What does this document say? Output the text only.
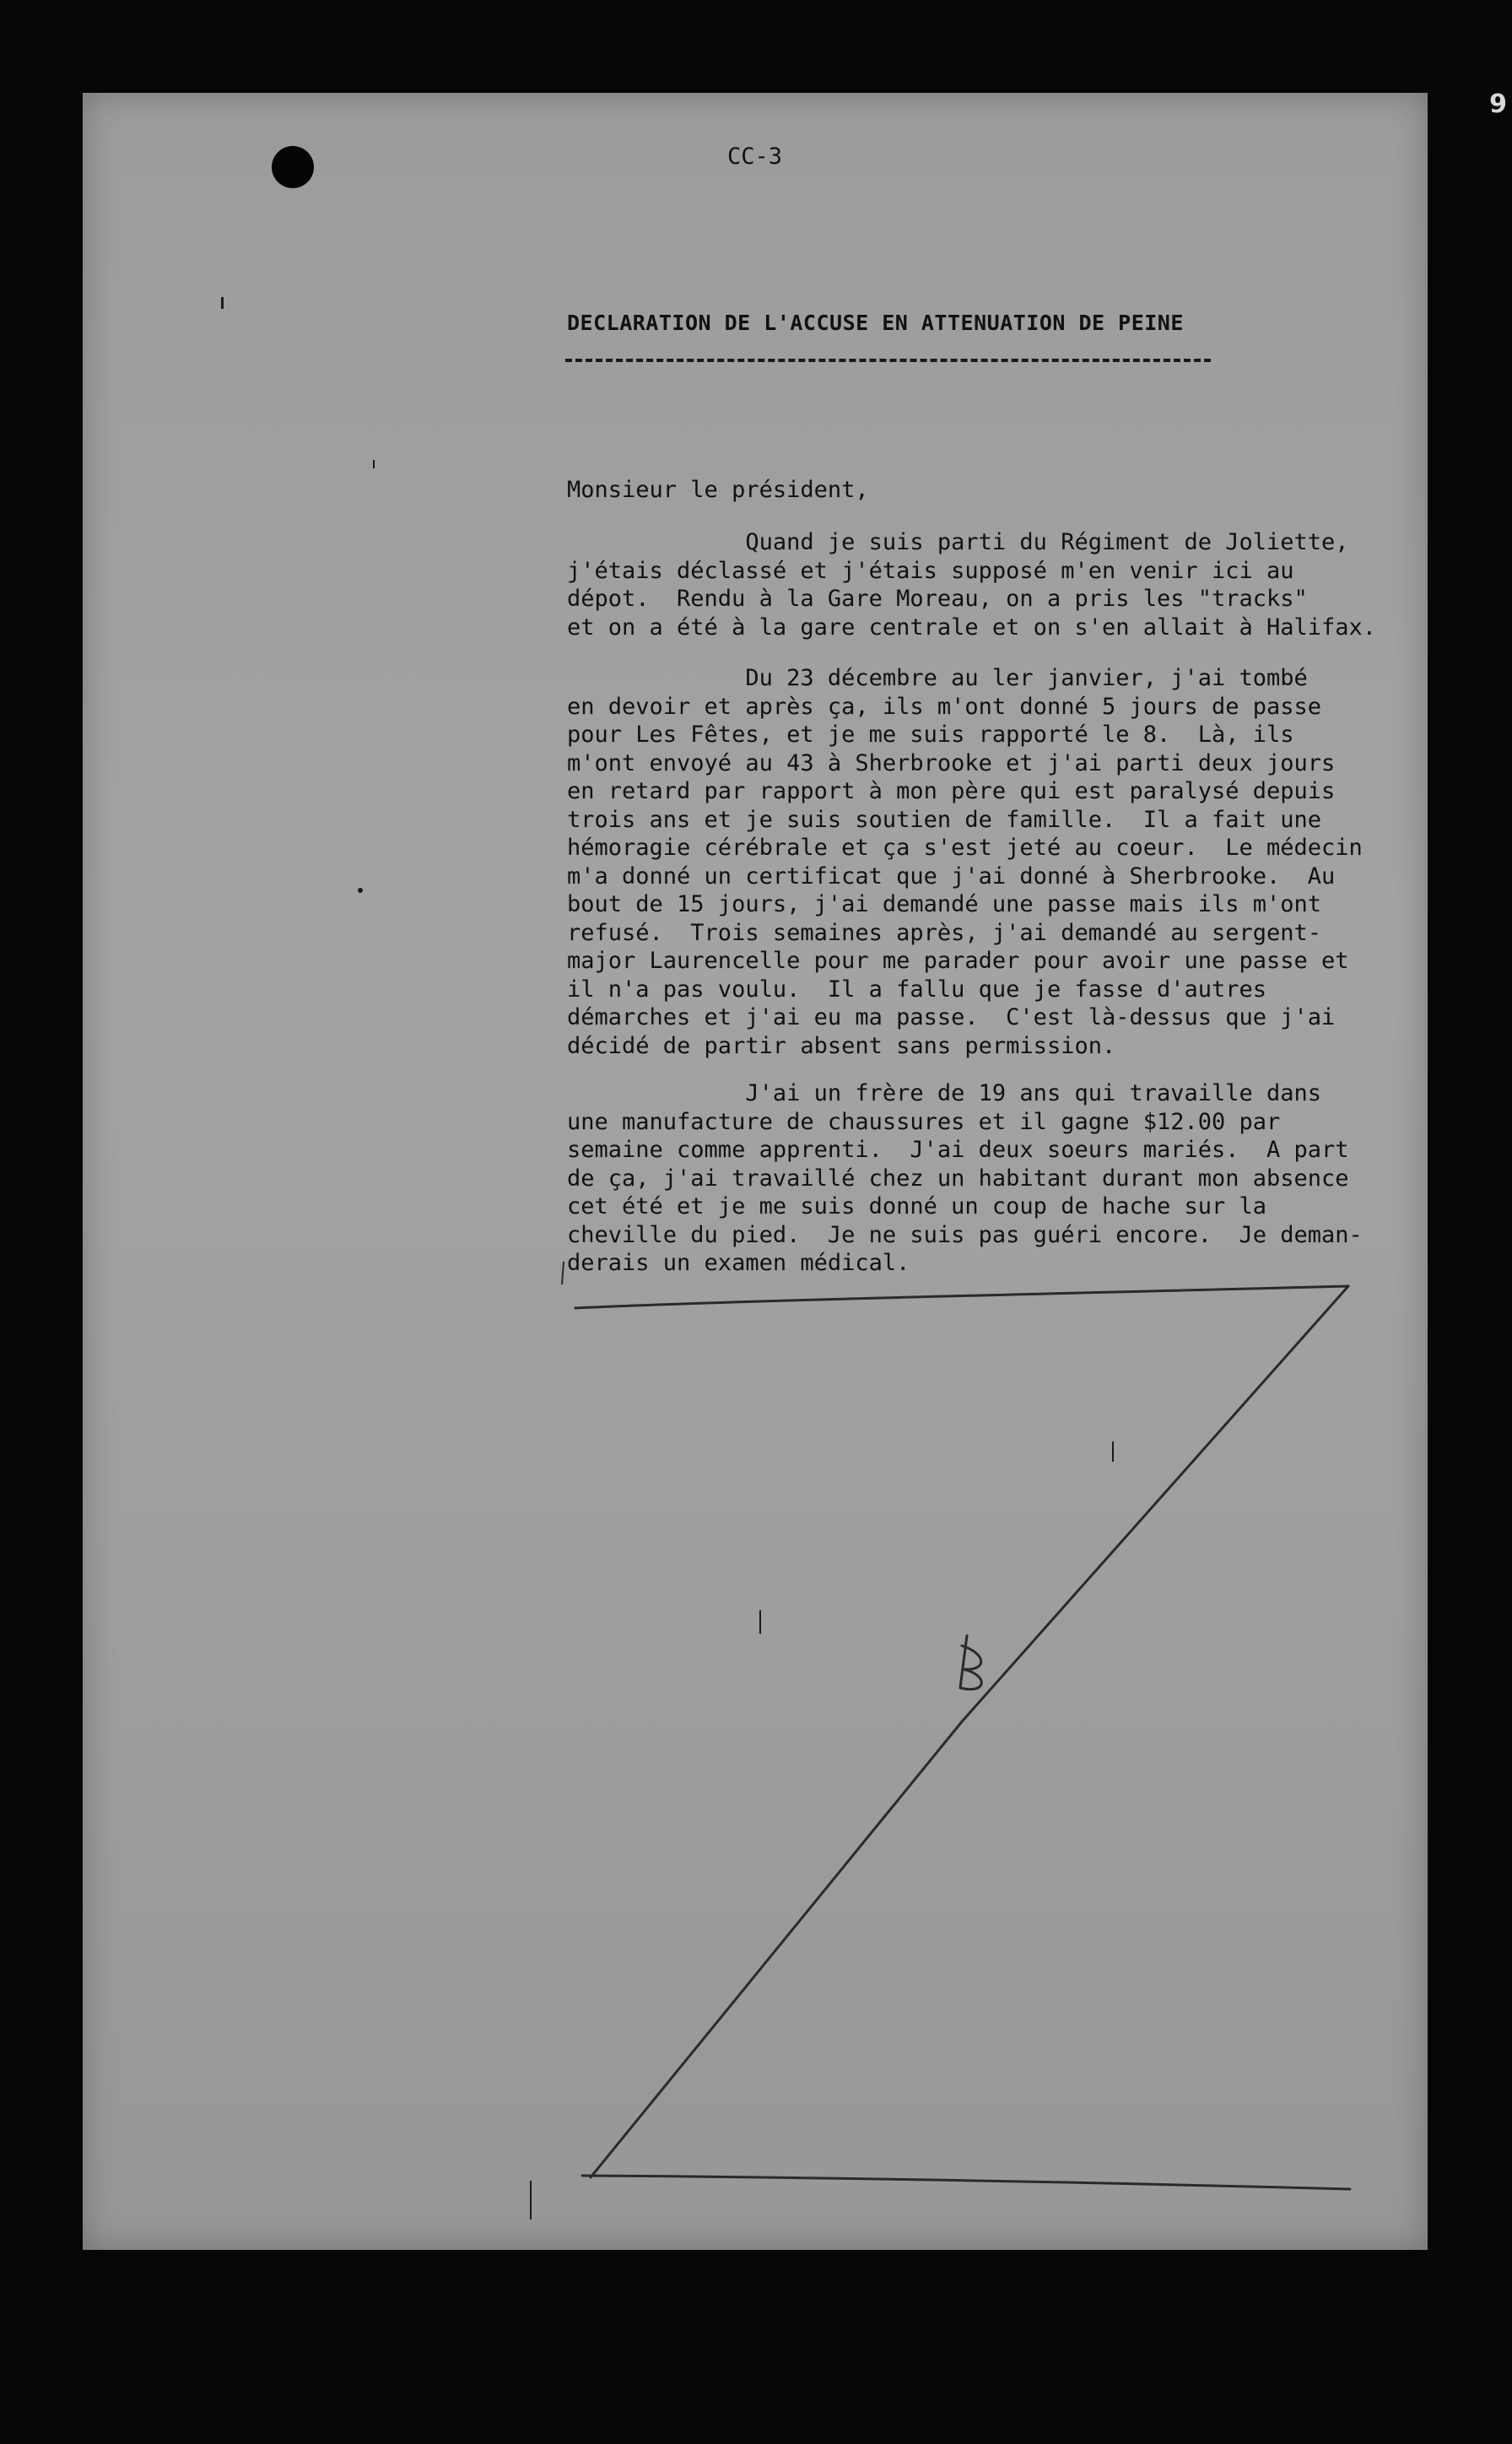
9
CC-3
DECLARATION DE L'ACCUSE EN ATTENUATION DE PEINE
Monsieur le président,
Quand je suis parti du Régiment de Joliette,
j'étais déclassé et j'étais supposé m'en venir ici au
dépot.  Rendu à la Gare Moreau, on a pris les "tracks"
et on a été à la gare centrale et on s'en allait à Halifax.
Du 23 décembre au ler janvier, j'ai tombé
en devoir et après ça, ils m'ont donné 5 jours de passe
pour Les Fêtes, et je me suis rapporté le 8.  Là, ils
m'ont envoyé au 43 à Sherbrooke et j'ai parti deux jours
en retard par rapport à mon père qui est paralysé depuis
trois ans et je suis soutien de famille.  Il a fait une
hémoragie cérébrale et ça s'est jeté au coeur.  Le médecin
m'a donné un certificat que j'ai donné à Sherbrooke.  Au
bout de 15 jours, j'ai demandé une passe mais ils m'ont
refusé.  Trois semaines après, j'ai demandé au sergent-
major Laurencelle pour me parader pour avoir une passe et
il n'a pas voulu.  Il a fallu que je fasse d'autres
démarches et j'ai eu ma passe.  C'est là-dessus que j'ai
décidé de partir absent sans permission.
J'ai un frère de 19 ans qui travaille dans
une manufacture de chaussures et il gagne $12.00 par
semaine comme apprenti.  J'ai deux soeurs mariés.  A part
de ça, j'ai travaillé chez un habitant durant mon absence
cet été et je me suis donné un coup de hache sur la
cheville du pied.  Je ne suis pas guéri encore.  Je deman-
derais un examen médical.
